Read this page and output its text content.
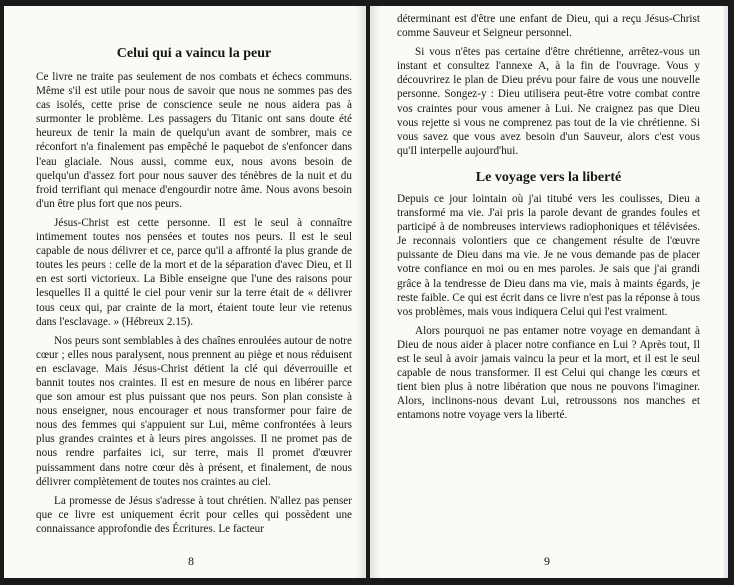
Celui qui a vaincu la peur

Ce livre ne traite pas seulement de nos combats et échecs communs. Même s'il est utile pour nous de savoir que nous ne sommes pas des cas isolés, cette prise de conscience seule ne nous aidera pas à surmonter le problème. Les passagers du Titanic ont sans doute été heureux de tenir la main de quelqu'un avant de sombrer, mais ce réconfort n'a finalement pas empêché le paquebot de s'enfoncer dans l'eau glaciale. Nous aussi, comme eux, nous avons besoin de quelqu'un d'assez fort pour nous sauver des ténèbres de la nuit et du froid terrifiant qui menace d'engourdir notre âme. Nous avons besoin d'un être plus fort que nos peurs.

Jésus-Christ est cette personne. Il est le seul à connaître intimement toutes nos pensées et toutes nos peurs. Il est le seul capable de nous délivrer et ce, parce qu'il a affronté la plus grande de toutes les peurs : celle de la mort et de la séparation d'avec Dieu, et Il en est sorti victorieux. La Bible enseigne que l'une des raisons pour lesquelles Il a quitté le ciel pour venir sur la terre était de « délivrer tous ceux qui, par crainte de la mort, étaient toute leur vie retenus dans l'esclavage. » (Hébreux 2.15).

Nos peurs sont semblables à des chaînes enroulées autour de notre cœur ; elles nous paralysent, nous prennent au piège et nous réduisent en esclavage. Mais Jésus-Christ détient la clé qui déverrouille et bannit toutes nos craintes. Il est en mesure de nous en libérer parce que son amour est plus puissant que nos peurs. Son plan consiste à nous enseigner, nous encourager et nous transformer pour faire de nous des femmes qui s'appuient sur Lui, même confrontées à leurs plus grandes craintes et à leurs pires angoisses. Il ne promet pas de nous rendre parfaites ici, sur terre, mais Il promet d'œuvrer puissamment dans notre cœur dès à présent, et finalement, de nous délivrer complètement de toutes nos craintes au ciel.

La promesse de Jésus s'adresse à tout chrétien. N'allez pas penser que ce livre est uniquement écrit pour celles qui possèdent une connaissance approfondie des Écritures. Le facteur

8

déterminant est d'être une enfant de Dieu, qui a reçu Jésus-Christ comme Sauveur et Seigneur personnel.

Si vous n'êtes pas certaine d'être chrétienne, arrêtez-vous un instant et consultez l'annexe A, à la fin de l'ouvrage. Vous y découvrirez le plan de Dieu prévu pour faire de vous une nouvelle personne. Songez-y : Dieu utilisera peut-être votre combat contre vos craintes pour vous amener à Lui. Ne craignez pas que Dieu vous rejette si vous ne comprenez pas tout de la vie chrétienne. Si vous savez que vous avez besoin d'un Sauveur, alors c'est vous qu'Il interpelle aujourd'hui.

Le voyage vers la liberté

Depuis ce jour lointain où j'ai titubé vers les coulisses, Dieu a transformé ma vie. J'ai pris la parole devant de grandes foules et participé à de nombreuses interviews radiophoniques et télévisées. Je reconnais volontiers que ce changement résulte de l'œuvre puissante de Dieu dans ma vie. Je ne vous demande pas de placer votre confiance en moi ou en mes paroles. Je sais que j'ai grandi grâce à la tendresse de Dieu dans ma vie, mais à maints égards, je reste faible. Ce qui est écrit dans ce livre n'est pas la réponse à tous vos problèmes, mais vous indiquera Celui qui l'est vraiment.

Alors pourquoi ne pas entamer notre voyage en demandant à Dieu de nous aider à placer notre confiance en Lui ? Après tout, Il est le seul à avoir jamais vaincu la peur et la mort, et il est le seul capable de nous transformer. Il est Celui qui change les cœurs et tient bien plus à notre libération que nous ne pouvons l'imaginer. Alors, inclinons-nous devant Lui, retroussons nos manches et entamons notre voyage vers la liberté.

9
